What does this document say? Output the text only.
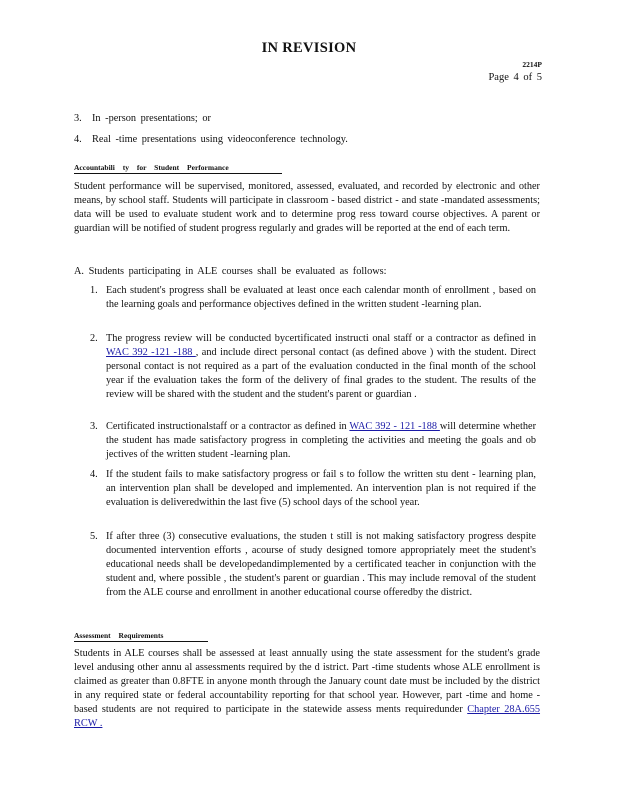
IN REVISION
2214P
Page 4 of 5
3. In -person presentations; or
4. Real -time presentations using videoconference technology.
Accountabili ty for Student Performance
Student performance will be supervised, monitored, assessed, evaluated, and recorded by electronic and other means, by school staff. Students will participate in classroom - based district - and state -mandated assessments; data will be used to evaluate student work and to determine prog ress toward course objectives. A parent or guardian will be notified of student progress regularly and grades will be reported at the end of each term.
A. Students participating in ALE courses shall be evaluated as follows:
1. Each student's progress shall be evaluated at least once each calendar month of enrollment , based on the learning goals and performance objectives defined in the written student -learning plan.
2. The progress review will be conducted bycertificated instructi onal staff or a contractor as defined in WAC 392 -121 -188 , and include direct personal contact (as defined above ) with the student. Direct personal contact is not required as a part of the evaluation conducted in the final month of the school year if the evaluation takes the form of the delivery of final grades to the student. The results of the review will be shared with the student and the student's parent or guardian .
3. Certificated instructionalstaff or a contractor as defined in WAC 392 - 121 -188 will determine whether the student has made satisfactory progress in completing the activities and meeting the goals and ob jectives of the written student -learning plan.
4. If the student fails to make satisfactory progress or fail s to follow the written stu dent - learning plan, an intervention plan shall be developed and implemented. An intervention plan is not required if the evaluation is deliveredwithin the last five (5) school days of the school year.
5. If after three (3) consecutive evaluations, the studen t still is not making satisfactory progress despite documented intervention efforts , acourse of study designed tomore appropriately meet the student's educational needs shall be developedandimplemented by a certificated teacher in conjunction with the student and, where possible , the student's parent or guardian . This may include removal of the student from the ALE course and enrollment in another educational course offeredby the district.
Assessment Requirements
Students in ALE courses shall be assessed at least annually using the state assessment for the student's grade level andusing other annu al assessments required by the d istrict. Part -time students whose ALE enrollment is claimed as greater than 0.8FTE in anyone month through the January count date must be included by the district in any required state or federal accountability reporting for that school year. However, part -time and home - based students are not required to participate in the statewide assess ments requiredunder Chapter 28A.655 RCW .
